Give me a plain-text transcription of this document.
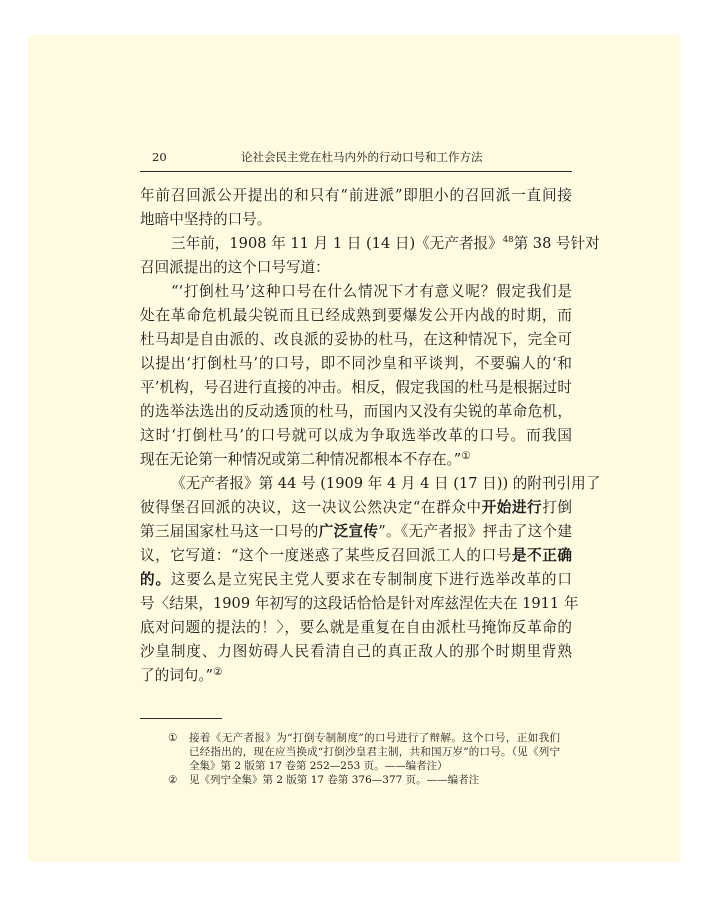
20	论社会民主党在杜马内外的行动口号和工作方法
年前召回派公开提出的和只有“前进派”即胆小的召回派一直间接
地暗中坚持的口号。
三年前，1908 年 11 月 1 日 (14 日)《无产者报》$^{48}$第 38 号针对
召回派提出的这个口号写道：
“‘打倒杜马’这种口号在什么情况下才有意义呢？假定我们是
处在革命危机最尖锐而且已经成熟到要爆发公开内战的时期，而
杜马却是自由派的、改良派的妥协的杜马，在这种情况下，完全可
以提出‘打倒杜马’的口号，即不同沙皇和平谈判，不要骗人的‘和
平’机构，号召进行直接的冲击。相反，假定我国的杜马是根据过时
的选举法选出的反动透顶的杜马，而国内又没有尖锐的革命危机，
这时‘打倒杜马’的口号就可以成为争取选举改革的口号。而我国
现在无论第一种情况或第二种情况都根本不存在。”①
《无产者报》第 44 号 (1909 年 4 月 4 日 (17 日)) 的附刊引用了
彼得堡召回派的决议，这一决议公然决定“在群众中开始进行打倒
第三届国家杜马这一口号的广泛宣传”。《无产者报》抨击了这个建
议，它写道：“这个一度迷惑了某些反召回派工人的口号是不正确
的。这要么是立宪民主党人要求在专制制度下进行选举改革的口
号〈结果，1909 年初写的这段话恰恰是针对库兹涅佐夫在 1911 年
底对问题的提法的！〉，要么就是重复在自由派杜马掩饰反革命的
沙皇制度、力图妨碍人民看清自己的真正敌人的那个时期里背熟
了的词句。”②
①	接着《无产者报》为“打倒专制制度”的口号进行了辩解。这个口号，正如我们
已经指出的，现在应当换成“打倒沙皇君主制，共和国万岁”的口号。（见《列宁
全集》第 2 版第 17 卷第 252—253 页。——编者注）
②	见《列宁全集》第 2 版第 17 卷第 376—377 页。——编者注
